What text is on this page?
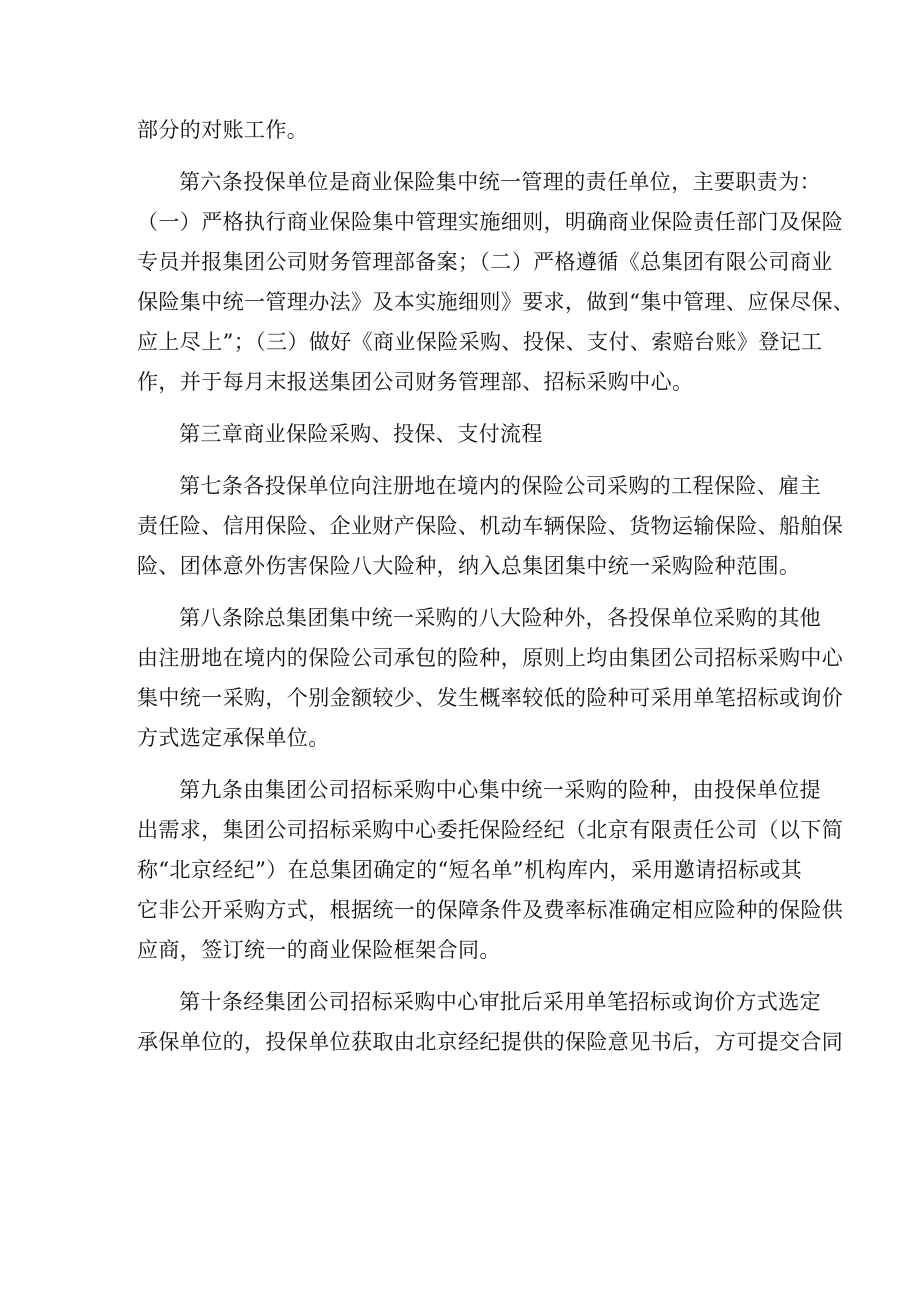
部分的对账工作。
第六条投保单位是商业保险集中统一管理的责任单位，主要职责为：
（一）严格执行商业保险集中管理实施细则，明确商业保险责任部门及保险
专员并报集团公司财务管理部备案；（二）严格遵循《总集团有限公司商业
保险集中统一管理办法》及本实施细则》要求，做到“集中管理、应保尽保、
应上尽上”；（三）做好《商业保险采购、投保、支付、索赔台账》登记工
作，并于每月末报送集团公司财务管理部、招标采购中心。
第三章商业保险采购、投保、支付流程
第七条各投保单位向注册地在境内的保险公司采购的工程保险、雇主
责任险、信用保险、企业财产保险、机动车辆保险、货物运输保险、船舶保
险、团体意外伤害保险八大险种，纳入总集团集中统一采购险种范围。
第八条除总集团集中统一采购的八大险种外，各投保单位采购的其他
由注册地在境内的保险公司承包的险种，原则上均由集团公司招标采购中心
集中统一采购，个别金额较少、发生概率较低的险种可采用单笔招标或询价
方式选定承保单位。
第九条由集团公司招标采购中心集中统一采购的险种，由投保单位提
出需求，集团公司招标采购中心委托保险经纪（北京有限责任公司（以下简
称“北京经纪”）在总集团确定的“短名单”机构库内，采用邀请招标或其
它非公开采购方式，根据统一的保障条件及费率标准确定相应险种的保险供
应商，签订统一的商业保险框架合同。
第十条经集团公司招标采购中心审批后采用单笔招标或询价方式选定
承保单位的，投保单位获取由北京经纪提供的保险意见书后，方可提交合同
